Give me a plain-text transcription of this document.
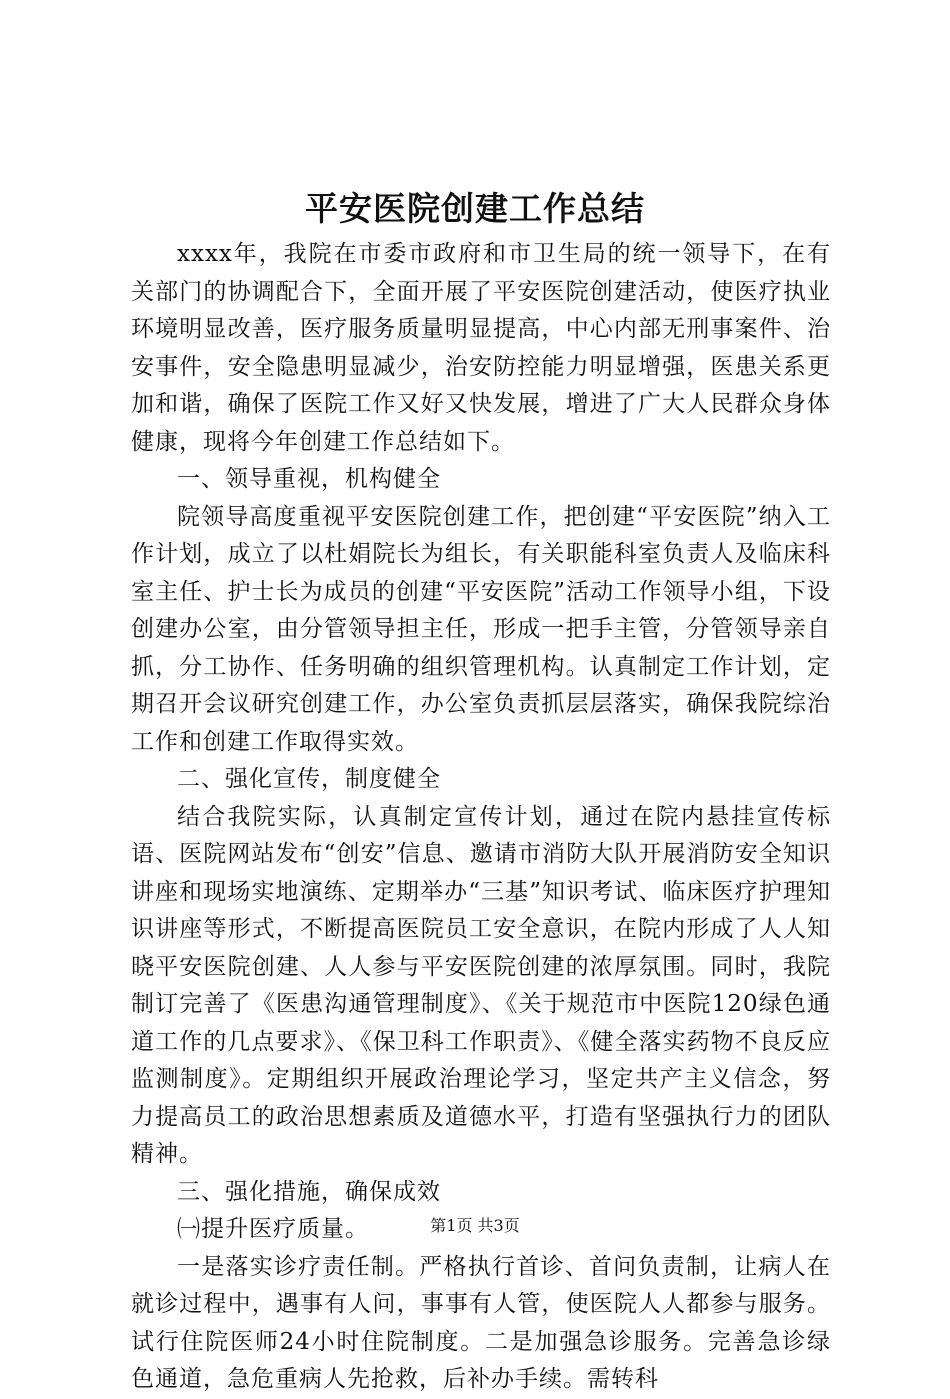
平安医院创建工作总结

xxxx年，我院在市委市政府和市卫生局的统一领导下，在有关部门的协调配合下，全面开展了平安医院创建活动，使医疗执业环境明显改善，医疗服务质量明显提高，中心内部无刑事案件、治安事件，安全隐患明显减少，治安防控能力明显增强，医患关系更加和谐，确保了医院工作又好又快发展，增进了广大人民群众身体健康，现将今年创建工作总结如下。

一、领导重视，机构健全

院领导高度重视平安医院创建工作，把创建“平安医院”纳入工作计划，成立了以杜娟院长为组长，有关职能科室负责人及临床科室主任、护士长为成员的创建“平安医院”活动工作领导小组，下设创建办公室，由分管领导担主任，形成一把手主管，分管领导亲自抓，分工协作、任务明确的组织管理机构。认真制定工作计划，定期召开会议研究创建工作，办公室负责抓层层落实，确保我院综治工作和创建工作取得实效。

二、强化宣传，制度健全

结合我院实际，认真制定宣传计划，通过在院内悬挂宣传标语、医院网站发布“创安”信息、邀请市消防大队开展消防安全知识讲座和现场实地演练、定期举办“三基”知识考试、临床医疗护理知识讲座等形式，不断提高医院员工安全意识，在院内形成了人人知晓平安医院创建、人人参与平安医院创建的浓厚氛围。同时，我院制订完善了《医患沟通管理制度》、《关于规范市中医院120绿色通道工作的几点要求》、《保卫科工作职责》、《健全落实药物不良反应监测制度》。定期组织开展政治理论学习，坚定共产主义信念，努力提高员工的政治思想素质及道德水平，打造有坚强执行力的团队精神。

三、强化措施，确保成效

㈠提升医疗质量。

一是落实诊疗责任制。严格执行首诊、首问负责制，让病人在就诊过程中，遇事有人问，事事有人管，使医院人人都参与服务。试行住院医师24小时住院制度。二是加强急诊服务。完善急诊绿色通道，急危重病人先抢救，后补办手续。需转科

第1页 共3页
